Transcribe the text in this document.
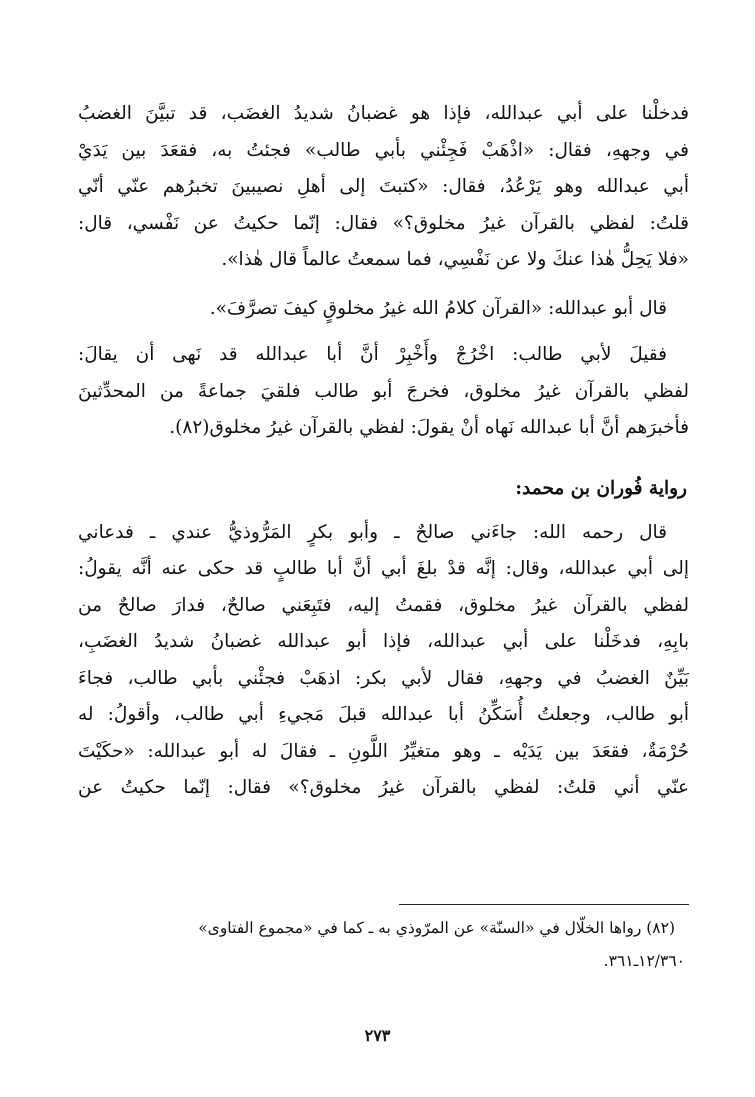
فدخلْنا على أبي عبدالله، فإذا هو غضبانُ شديدُ الغضَب، قد تبيَّنَ الغضبُ
في وجههِ، فقال: «اذْهَبْ فَجِئْني بأبي طالب» فجئتُ به، فقعَدَ بين يَدَيْ
أبي عبدالله وهو يَرْعُدُ، فقال: «كتبتَ إلى أهلِ نصيبينَ تخبرُهم عنّي أنّي
قلتُ: لفظي بالقرآن غيرُ مخلوق؟» فقال: إنّما حكيتُ عن نَفْسي، قال:
«فلا يَحِلُّ هٰذا عنكَ ولا عن نَفْسِي، فما سمعتُ عالماً قال هٰذا».

قال أبو عبدالله: «القرآن كلامُ الله غيرُ مخلوقٍ كيفَ تصرَّفَ».

فقيلَ لأبي طالب: اخْرُجْ وأَخْبِرْ أنَّ أبا عبدالله قد نَهى أن يقالَ:
لفظي بالقرآن غيرُ مخلوق، فخرجَ أبو طالب فلقيَ جماعةً من المحدِّثينَ
فأخبرَهم أنَّ أبا عبدالله نَهاه أنْ يقولَ: لفظي بالقرآن غيرُ مخلوق(٨٢).

رواية فُوران بن محمد:

قال رحمه الله: جاءَني صالحٌ ـ وأبو بكرٍ المَرُّوذيُّ عندي ـ فدعاني
إلى أبي عبدالله، وقال: إنَّه قدْ بلغَ أبي أنَّ أبا طالبٍ قد حكى عنه أنَّه يقولُ:
لفظي بالقرآن غيرُ مخلوق، فقمتُ إليه، فتَبِعَني صالحٌ، فدارَ صالحٌ من
بابِهِ، فدخَلْنا على أبي عبدالله، فإذا أبو عبدالله غضبانُ شديدُ الغضَبِ،
بَيِّنٌ الغضبُ في وجههِ، فقال لأبي بكر: اذهَبْ فجئْني بأبي طالب، فجاءَ
أبو طالب، وجعلتُ أُسَكِّنُ أبا عبدالله قبلَ مَجيءِ أبي طالب، وأقولُ: له
حُرْمَةٌ، فقعَدَ بين يَدَيْه ـ وهو متغيِّرُ اللَّونِ ـ فقالَ له أبو عبدالله: «حكَيْتَ
عنّي أني قلتُ: لفظي بالقرآن غيرُ مخلوق؟» فقال: إنّما حكيتُ عن

(٨٢) رواها الخلّال في «السنّة» عن المرّوذي به ـ كما في «مجموع الفتاوى»
١٢/٣٦٠ـ٣٦١.
٢٧٣
